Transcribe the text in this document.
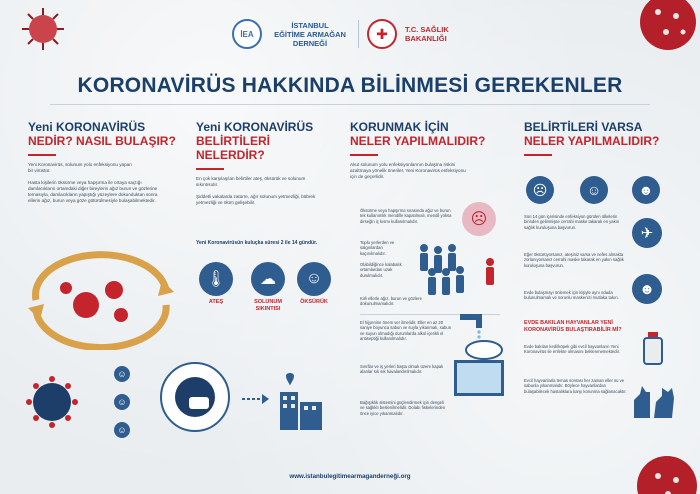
İEA
İSTANBUL
EĞİTİME ARMAĞAN
DERNEĞİ
✚	T.C. SAĞLIK
BAKANLIĞI
KORONAVİRÜS HAKKINDA BİLİNMESİ GEREKENLER
Yeni KORONAVİRÜS
NEDİR? NASIL BULAŞIR?
Yeni Koronavirüs, solunum yolu enfeksiyonu yapan bir virüstür.
Hasta kişilerin öksürme veya hapşırma ile ortaya saçtığı damlacıkların ortamdaki diğer bireylerin ağız burun ve gözlerine temasıyla, damlacıkların yapıştığı yüzeylere dokunduktan sonra ellerin ağız, burun veya göze götürülmesiyle bulaşabilmektedir.
Yeni KORONAVİRÜS
BELİRTİLERİ NELERDİR?
En çok karşılaşılan belirtiler ateş, öksürük ve solunum sıkıntısıdır.
Şiddetli vakalarda zatürre, ağır solunum yetmezliği, böbrek yetmezliği ve ölüm gelişebilir.
Yeni Koronavirüsün kuluçka süresi 2 ile 14 gündür.
🌡
ATEŞ
☁
SOLUNUM SIKINTISI
☺
ÖKSÜRÜK
KORUNMAK İÇİN
NELER YAPILMALIDIR?
Akut solunum yolu enfeksiyonlarının bulaşma riskini azaltmaya yönelik öneriler, Yeni Koronavirüs enfeksiyonu için de geçerlidir.
Öksürme veya hapşırma sırasında ağız ve burun tek kullanımlık mendille kapatılmalı, mendil yoksa dirseğin iç kısmı kullanılmalıdır.	☹
Toplu yerlerden ve salgınlardan kaçınılmalıdır.
Olabildiğince kalabalık ortamlardan uzak durulmalıdır.
Kirli ellerle ağız, burun ve gözlere dokunulmamalıdır.
El hijyenine önem ver ilmelidir. Eller en az 20 saniye boyunca sabun ve suyla yıkanmalı, sabun ve suyun olmadığı durumlarda alkol içerikli el antiseptiği kullanılmalıdır.
Sınıflar ve iş yerleri başta olmak üzere kapalı alanlar sık sık havalandırılmalıdır.
Bağışıklık sistemini güçlendirmek için dengeli ve sağlıklı beslenilmelidir. Dolabı fiskelerinden önce iyice yıkanmalıdır.
BELİRTİLERİ VARSA
NELER YAPILMALIDIR?
☹	☺	☻
Son 14 gün içerisinde enfeksiyon görülen ülkelerin birinden gelinmişse cerrahi maske takarak en yakın sağlık kuruluşuna başvurun.	✈
Eğer öksürüyorsanız, ateşiniz varsa ve nefes almakta zorlanıyorsanız cerrahi maske takarak en yakın sağlık kuruluşuna başvurun.
☻
Evde bulaşmayı önlemek için kişiyle aynı odada bulunulmamalı ve sorunlu maskenizi mutlaka takın.
EVDE BAKILAN HAYVANLAR YENİ KORONAVİRÜS BULAŞTIRABİLİR Mİ?
Evde bakılan kedi/köpek gibi evcil hayvanların Yeni Koronavirüs ile enfekte olmasını beklenmemektedir.
Evcil hayvanlarla temas sonrası her zaman eller su ve sabunla yıkanmalıdır. Böylece hayvanlardan bulaşabilecek hastalıklara karşı korunma sağlanacaktır.
☺
☺
☺
www.istanbulegitimearmaganderneği.org
